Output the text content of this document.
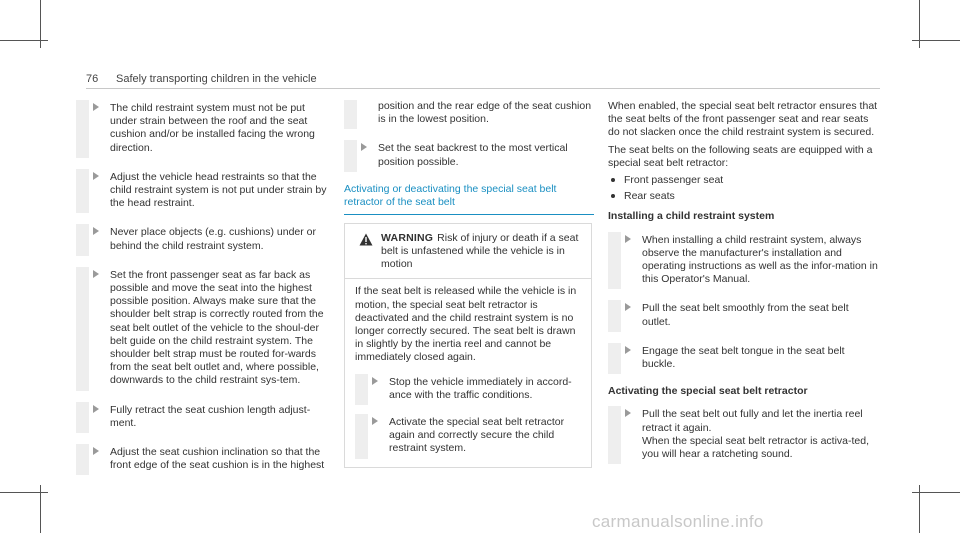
76 Safely transporting children in the vehicle
The child restraint system must not be put under strain between the roof and the seat cushion and/or be installed facing the wrong direction.
Adjust the vehicle head restraints so that the child restraint system is not put under strain by the head restraint.
Never place objects (e.g. cushions) under or behind the child restraint system.
Set the front passenger seat as far back as possible and move the seat into the highest possible position. Always make sure that the shoulder belt strap is correctly routed from the seat belt outlet of the vehicle to the shoul-der belt guide on the child restraint system. The shoulder belt strap must be routed for-wards from the seat belt outlet and, where possible, downwards to the child restraint sys-tem.
Fully retract the seat cushion length adjust-ment.
Adjust the seat cushion inclination so that the front edge of the seat cushion is in the highest
position and the rear edge of the seat cushion is in the lowest position.
Set the seat backrest to the most vertical position possible.
Activating or deactivating the special seat belt retractor of the seat belt
WARNING Risk of injury or death if a seat belt is unfastened while the vehicle is in motion

If the seat belt is released while the vehicle is in motion, the special seat belt retractor is deactivated and the child restraint system is no longer correctly secured. The seat belt is drawn in slightly by the inertia reel and cannot be immediately closed again.

Stop the vehicle immediately in accord-ance with the traffic conditions.
Activate the special seat belt retractor again and correctly secure the child restraint system.

When enabled, the special seat belt retractor ensures that the seat belts of the front passenger seat and rear seats do not slacken once the child restraint system is secured.

The seat belts on the following seats are equipped with a special seat belt retractor:

Front passenger seat
Rear seats
Installing a child restraint system
When installing a child restraint system, always observe the manufacturer's installation and operating instructions as well as the infor-mation in this Operator's Manual.
Pull the seat belt smoothly from the seat belt outlet.
Engage the seat belt tongue in the seat belt buckle.
Activating the special seat belt retractor
Pull the seat belt out fully and let the inertia reel retract it again.
When the special seat belt retractor is activa-ted, you will hear a ratcheting sound.
carmanualsonline.info
